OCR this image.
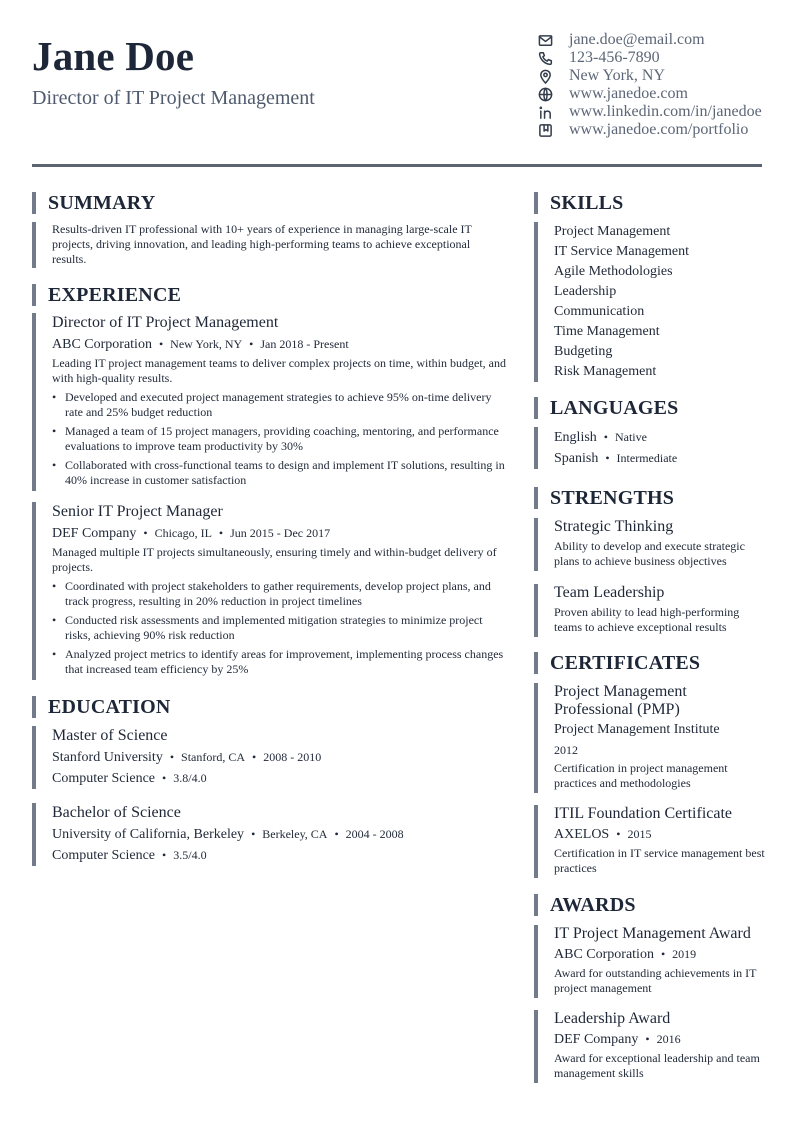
Jane Doe
Director of IT Project Management
jane.doe@email.com
123-456-7890
New York, NY
www.janedoe.com
www.linkedin.com/in/janedoe
www.janedoe.com/portfolio
SUMMARY
Results-driven IT professional with 10+ years of experience in managing large-scale IT projects, driving innovation, and leading high-performing teams to achieve exceptional results.
EXPERIENCE
Director of IT Project Management
ABC Corporation • New York, NY • Jan 2018 - Present
Leading IT project management teams to deliver complex projects on time, within budget, and with high-quality results.
• Developed and executed project management strategies to achieve 95% on-time delivery rate and 25% budget reduction
• Managed a team of 15 project managers, providing coaching, mentoring, and performance evaluations to improve team productivity by 30%
• Collaborated with cross-functional teams to design and implement IT solutions, resulting in 40% increase in customer satisfaction
Senior IT Project Manager
DEF Company • Chicago, IL • Jun 2015 - Dec 2017
Managed multiple IT projects simultaneously, ensuring timely and within-budget delivery of projects.
• Coordinated with project stakeholders to gather requirements, develop project plans, and track progress, resulting in 20% reduction in project timelines
• Conducted risk assessments and implemented mitigation strategies to minimize project risks, achieving 90% risk reduction
• Analyzed project metrics to identify areas for improvement, implementing process changes that increased team efficiency by 25%
EDUCATION
Master of Science
Stanford University • Stanford, CA • 2008 - 2010
Computer Science • 3.8/4.0
Bachelor of Science
University of California, Berkeley • Berkeley, CA • 2004 - 2008
Computer Science • 3.5/4.0
SKILLS
Project Management
IT Service Management
Agile Methodologies
Leadership
Communication
Time Management
Budgeting
Risk Management
LANGUAGES
English • Native
Spanish • Intermediate
STRENGTHS
Strategic Thinking
Ability to develop and execute strategic plans to achieve business objectives
Team Leadership
Proven ability to lead high-performing teams to achieve exceptional results
CERTIFICATES
Project Management Professional (PMP)
Project Management Institute
2012
Certification in project management practices and methodologies
ITIL Foundation Certificate
AXELOS • 2015
Certification in IT service management best practices
AWARDS
IT Project Management Award
ABC Corporation • 2019
Award for outstanding achievements in IT project management
Leadership Award
DEF Company • 2016
Award for exceptional leadership and team management skills
